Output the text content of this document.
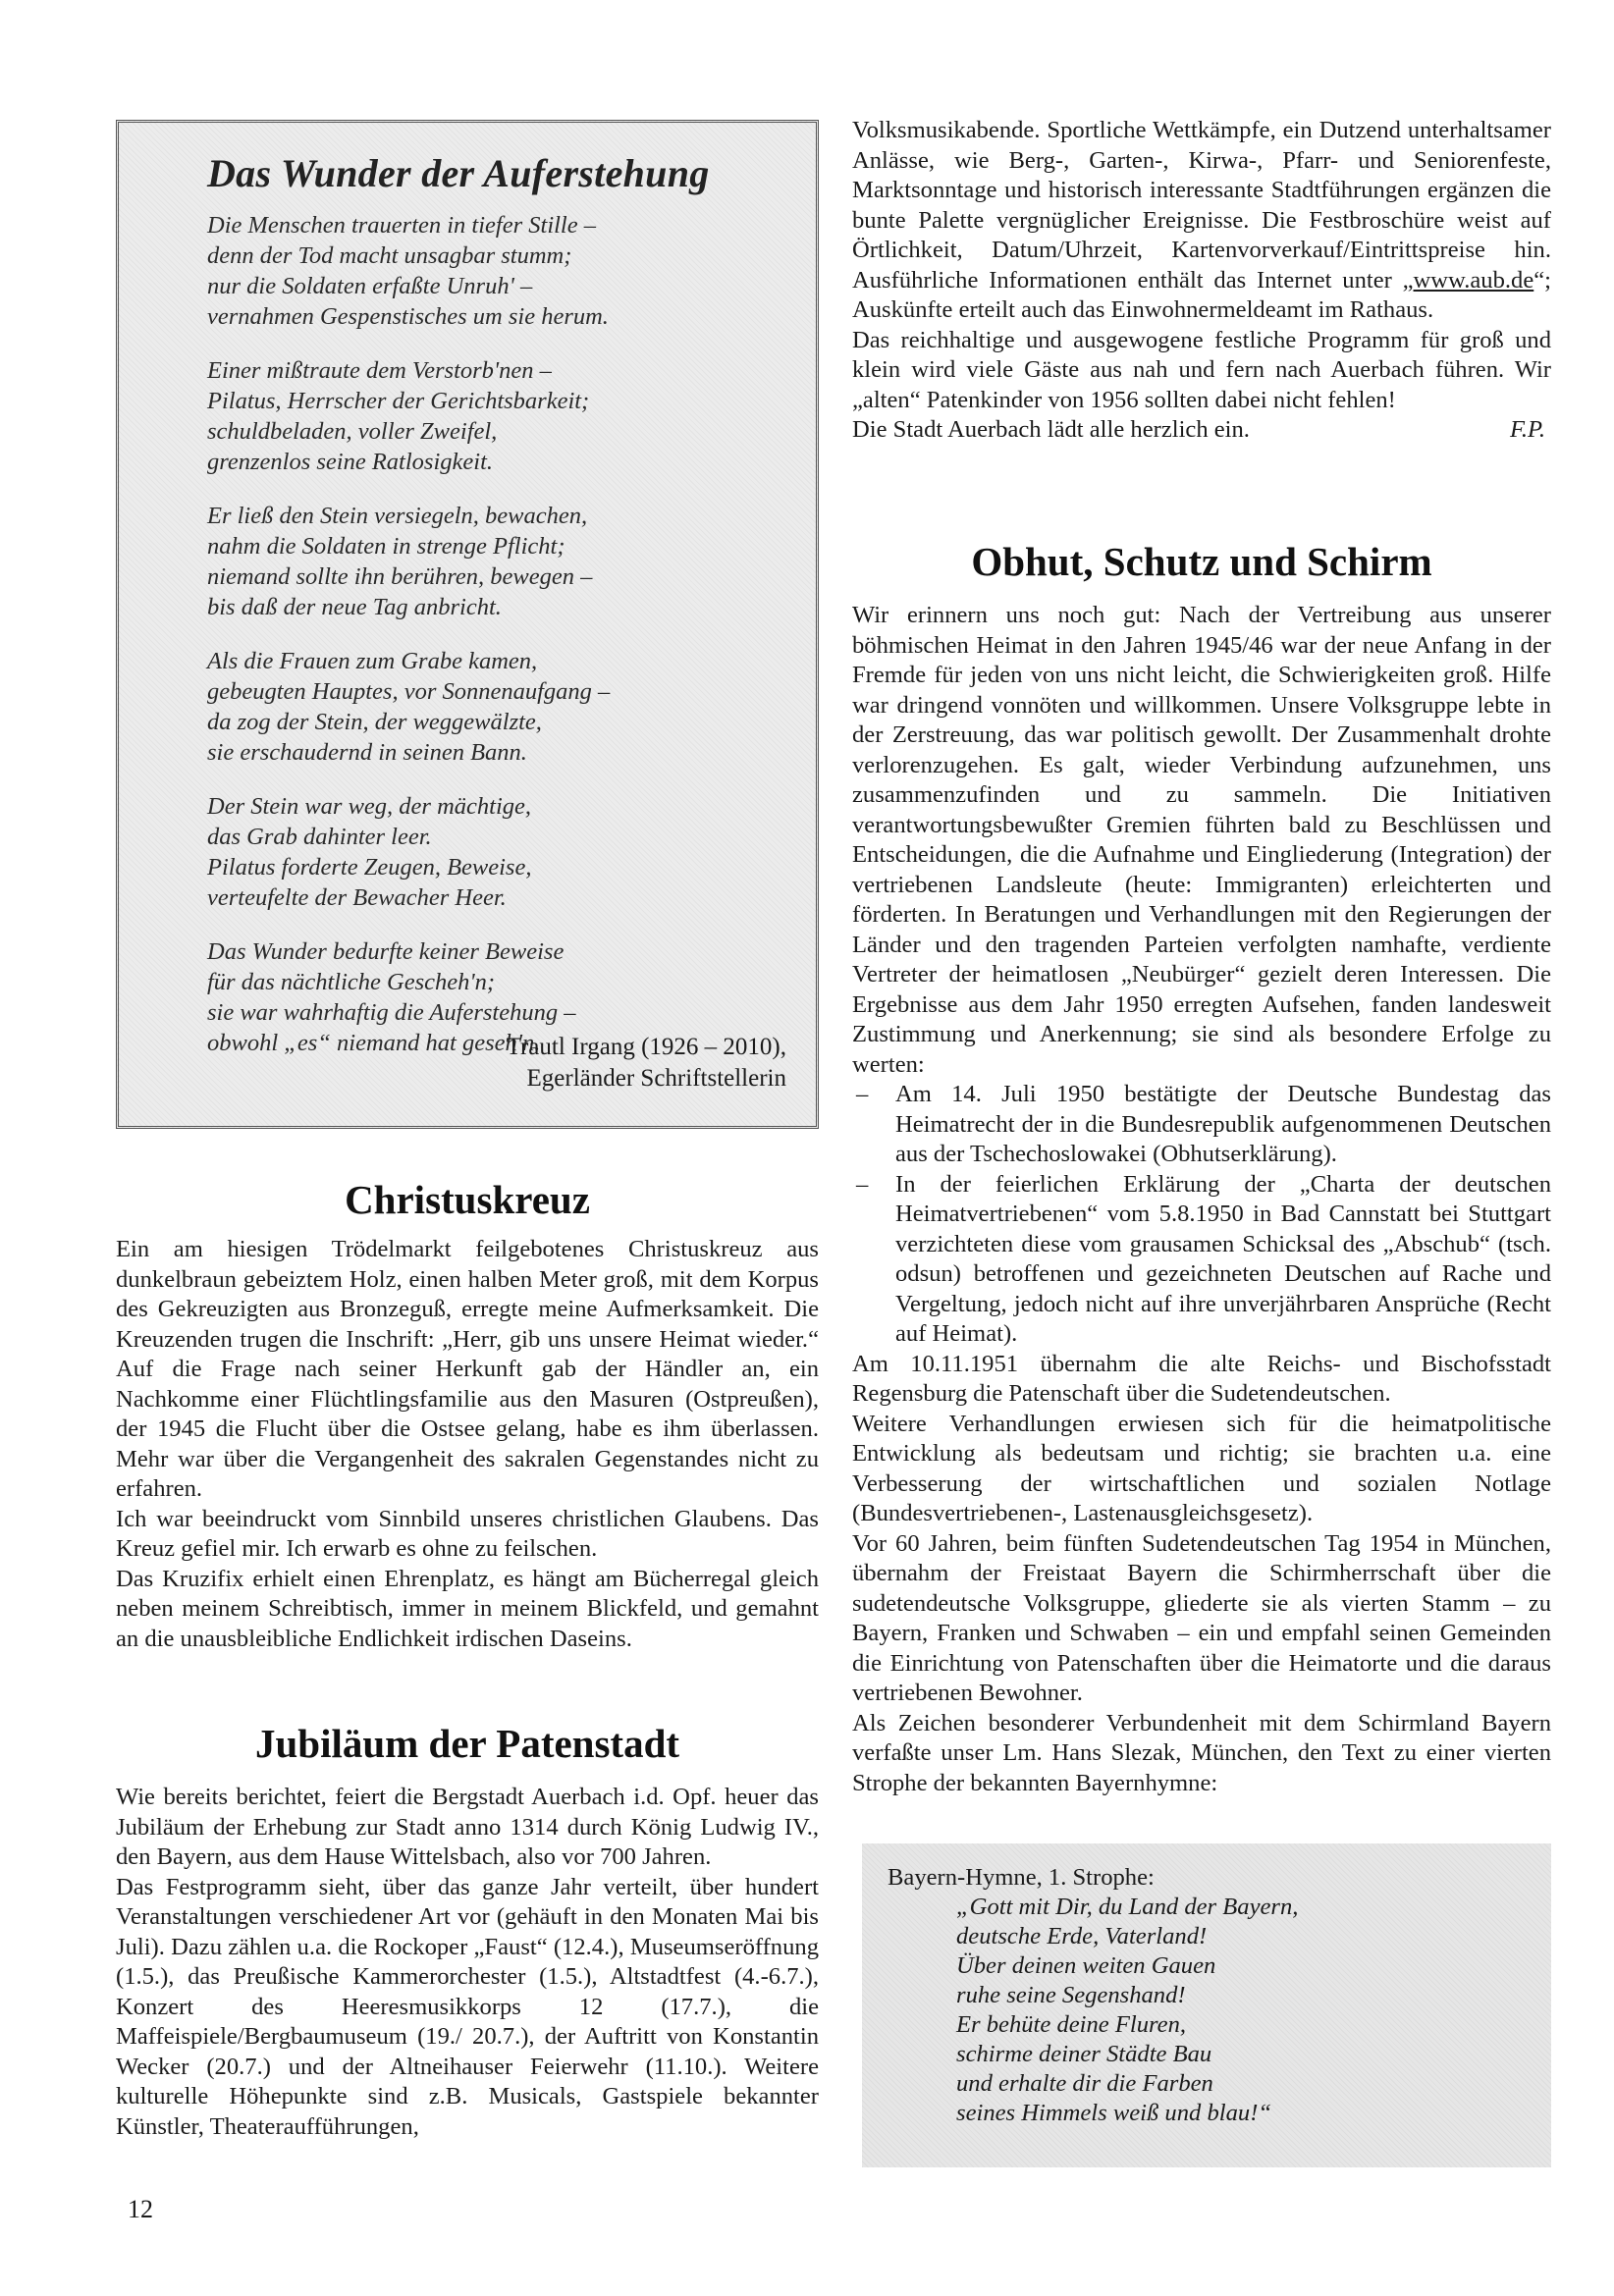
Das Wunder der Auferstehung
Die Menschen trauerten in tiefer Stille –
denn der Tod macht unsagbar stumm;
nur die Soldaten erfaßte Unruh' –
vernahmen Gespenstisches um sie herum.
Einer mißtraute dem Verstorb'nen –
Pilatus, Herrscher der Gerichtsbarkeit;
schuldbeladen, voller Zweifel,
grenzenlos seine Ratlosigkeit.
Er ließ den Stein versiegeln, bewachen,
nahm die Soldaten in strenge Pflicht;
niemand sollte ihn berühren, bewegen –
bis daß der neue Tag anbricht.
Als die Frauen zum Grabe kamen,
gebeugten Hauptes, vor Sonnenaufgang –
da zog der Stein, der weggewälzte,
sie erschaudernd in seinen Bann.
Der Stein war weg, der mächtige,
das Grab dahinter leer.
Pilatus forderte Zeugen, Beweise,
verteufelte der Bewacher Heer.
Das Wunder bedurfte keiner Beweise
für das nächtliche Gescheh'n;
sie war wahrhaftig die Auferstehung –
obwohl „es“ niemand hat geseh'n.
Trautl Irgang (1926 – 2010),
Egerländer Schriftstellerin
Christuskreuz

Ein am hiesigen Trödelmarkt feilgebotenes Christuskreuz aus dunkelbraun gebeiztem Holz, einen halben Meter groß, mit dem Korpus des Gekreuzigten aus Bronzeguß, erregte meine Aufmerksamkeit. Die Kreuzenden trugen die Inschrift: „Herr, gib uns unsere Heimat wieder.“ Auf die Frage nach seiner Herkunft gab der Händler an, ein Nachkomme einer Flüchtlingsfamilie aus den Masuren (Ostpreußen), der 1945 die Flucht über die Ostsee gelang, habe es ihm überlassen. Mehr war über die Vergangenheit des sakralen Gegenstandes nicht zu erfahren.

Ich war beeindruckt vom Sinnbild unseres christlichen Glaubens. Das Kreuz gefiel mir. Ich erwarb es ohne zu feilschen.

Das Kruzifix erhielt einen Ehrenplatz, es hängt am Bücherregal gleich neben meinem Schreibtisch, immer in meinem Blickfeld, und gemahnt an die unausbleibliche Endlichkeit irdischen Daseins.

Jubiläum der Patenstadt

Wie bereits berichtet, feiert die Bergstadt Auerbach i.d. Opf. heuer das Jubiläum der Erhebung zur Stadt anno 1314 durch König Ludwig IV., den Bayern, aus dem Hause Wittelsbach, also vor 700 Jahren.

Das Festprogramm sieht, über das ganze Jahr verteilt, über hundert Veranstaltungen verschiedener Art vor (gehäuft in den Monaten Mai bis Juli). Dazu zählen u.a. die Rockoper „Faust“ (12.4.), Museumseröffnung (1.5.), das Preußische Kammerorchester (1.5.), Altstadtfest (4.-6.7.), Konzert des Heeresmusikkorps 12 (17.7.), die Maffeispiele/Bergbaumuseum (19./ 20.7.), der Auftritt von Konstantin Wecker (20.7.) und der Altneihauser Feierwehr (11.10.). Weitere kulturelle Höhepunkte sind z.B. Musicals, Gastspiele bekannter Künstler, Theateraufführungen,

Volksmusikabende. Sportliche Wettkämpfe, ein Dutzend unterhaltsamer Anlässe, wie Berg-, Garten-, Kirwa-, Pfarr- und Seniorenfeste, Marktsonntage und historisch interessante Stadtführungen ergänzen die bunte Palette vergnüglicher Ereignisse. Die Festbroschüre weist auf Örtlichkeit, Datum/Uhrzeit, Kartenvorverkauf/Eintrittspreise hin. Ausführliche Informationen enthält das Internet unter „www.aub.de“; Auskünfte erteilt auch das Einwohnermeldeamt im Rathaus.

Das reichhaltige und ausgewogene festliche Programm für groß und klein wird viele Gäste aus nah und fern nach Auerbach führen. Wir „alten“ Patenkinder von 1956 sollten dabei nicht fehlen!

Die Stadt Auerbach lädt alle herzlich ein.	F.P.
Obhut, Schutz und Schirm

Wir erinnern uns noch gut: Nach der Vertreibung aus unserer böhmischen Heimat in den Jahren 1945/46 war der neue Anfang in der Fremde für jeden von uns nicht leicht, die Schwierigkeiten groß. Hilfe war dringend vonnöten und willkommen. Unsere Volksgruppe lebte in der Zerstreuung, das war politisch gewollt. Der Zusammenhalt drohte verlorenzugehen. Es galt, wieder Verbindung aufzunehmen, uns zusammenzufinden und zu sammeln. Die Initiativen verantwortungsbewußter Gremien führten bald zu Beschlüssen und Entscheidungen, die die Aufnahme und Eingliederung (Integration) der vertriebenen Landsleute (heute: Immigranten) erleichterten und förderten. In Beratungen und Verhandlungen mit den Regierungen der Länder und den tragenden Parteien verfolgten namhafte, verdiente Vertreter der heimatlosen „Neubürger“ gezielt deren Interessen. Die Ergebnisse aus dem Jahr 1950 erregten Aufsehen, fanden landesweit Zustimmung und Anerkennung; sie sind als besondere Erfolge zu werten:

–	Am 14. Juli 1950 bestätigte der Deutsche Bundestag das Heimatrecht der in die Bundesrepublik aufgenommenen Deutschen aus der Tschechoslowakei (Obhutserklärung).
–	In der feierlichen Erklärung der „Charta der deutschen Heimatvertriebenen“ vom 5.8.1950 in Bad Cannstatt bei Stuttgart verzichteten diese vom grausamen Schicksal des „Abschub“ (tsch. odsun) betroffenen und gezeichneten Deutschen auf Rache und Vergeltung, jedoch nicht auf ihre unverjährbaren Ansprüche (Recht auf Heimat).

Am 10.11.1951 übernahm die alte Reichs- und Bischofsstadt Regensburg die Patenschaft über die Sudetendeutschen.

Weitere Verhandlungen erwiesen sich für die heimatpolitische Entwicklung als bedeutsam und richtig; sie brachten u.a. eine Verbesserung der wirtschaftlichen und sozialen Notlage (Bundesvertriebenen-, Lastenausgleichsgesetz).

Vor 60 Jahren, beim fünften Sudetendeutschen Tag 1954 in München, übernahm der Freistaat Bayern die Schirmherrschaft über die sudetendeutsche Volksgruppe, gliederte sie als vierten Stamm – zu Bayern, Franken und Schwaben – ein und empfahl seinen Gemeinden die Einrichtung von Patenschaften über die Heimatorte und die daraus vertriebenen Bewohner.

Als Zeichen besonderer Verbundenheit mit dem Schirmland Bayern verfaßte unser Lm. Hans Slezak, München, den Text zu einer vierten Strophe der bekannten Bayernhymne:

Bayern-Hymne, 1. Strophe:
„Gott mit Dir, du Land der Bayern,
deutsche Erde, Vaterland!
Über deinen weiten Gauen
ruhe seine Segenshand!
Er behüte deine Fluren,
schirme deiner Städte Bau
und erhalte dir die Farben
seines Himmels weiß und blau!“
12
